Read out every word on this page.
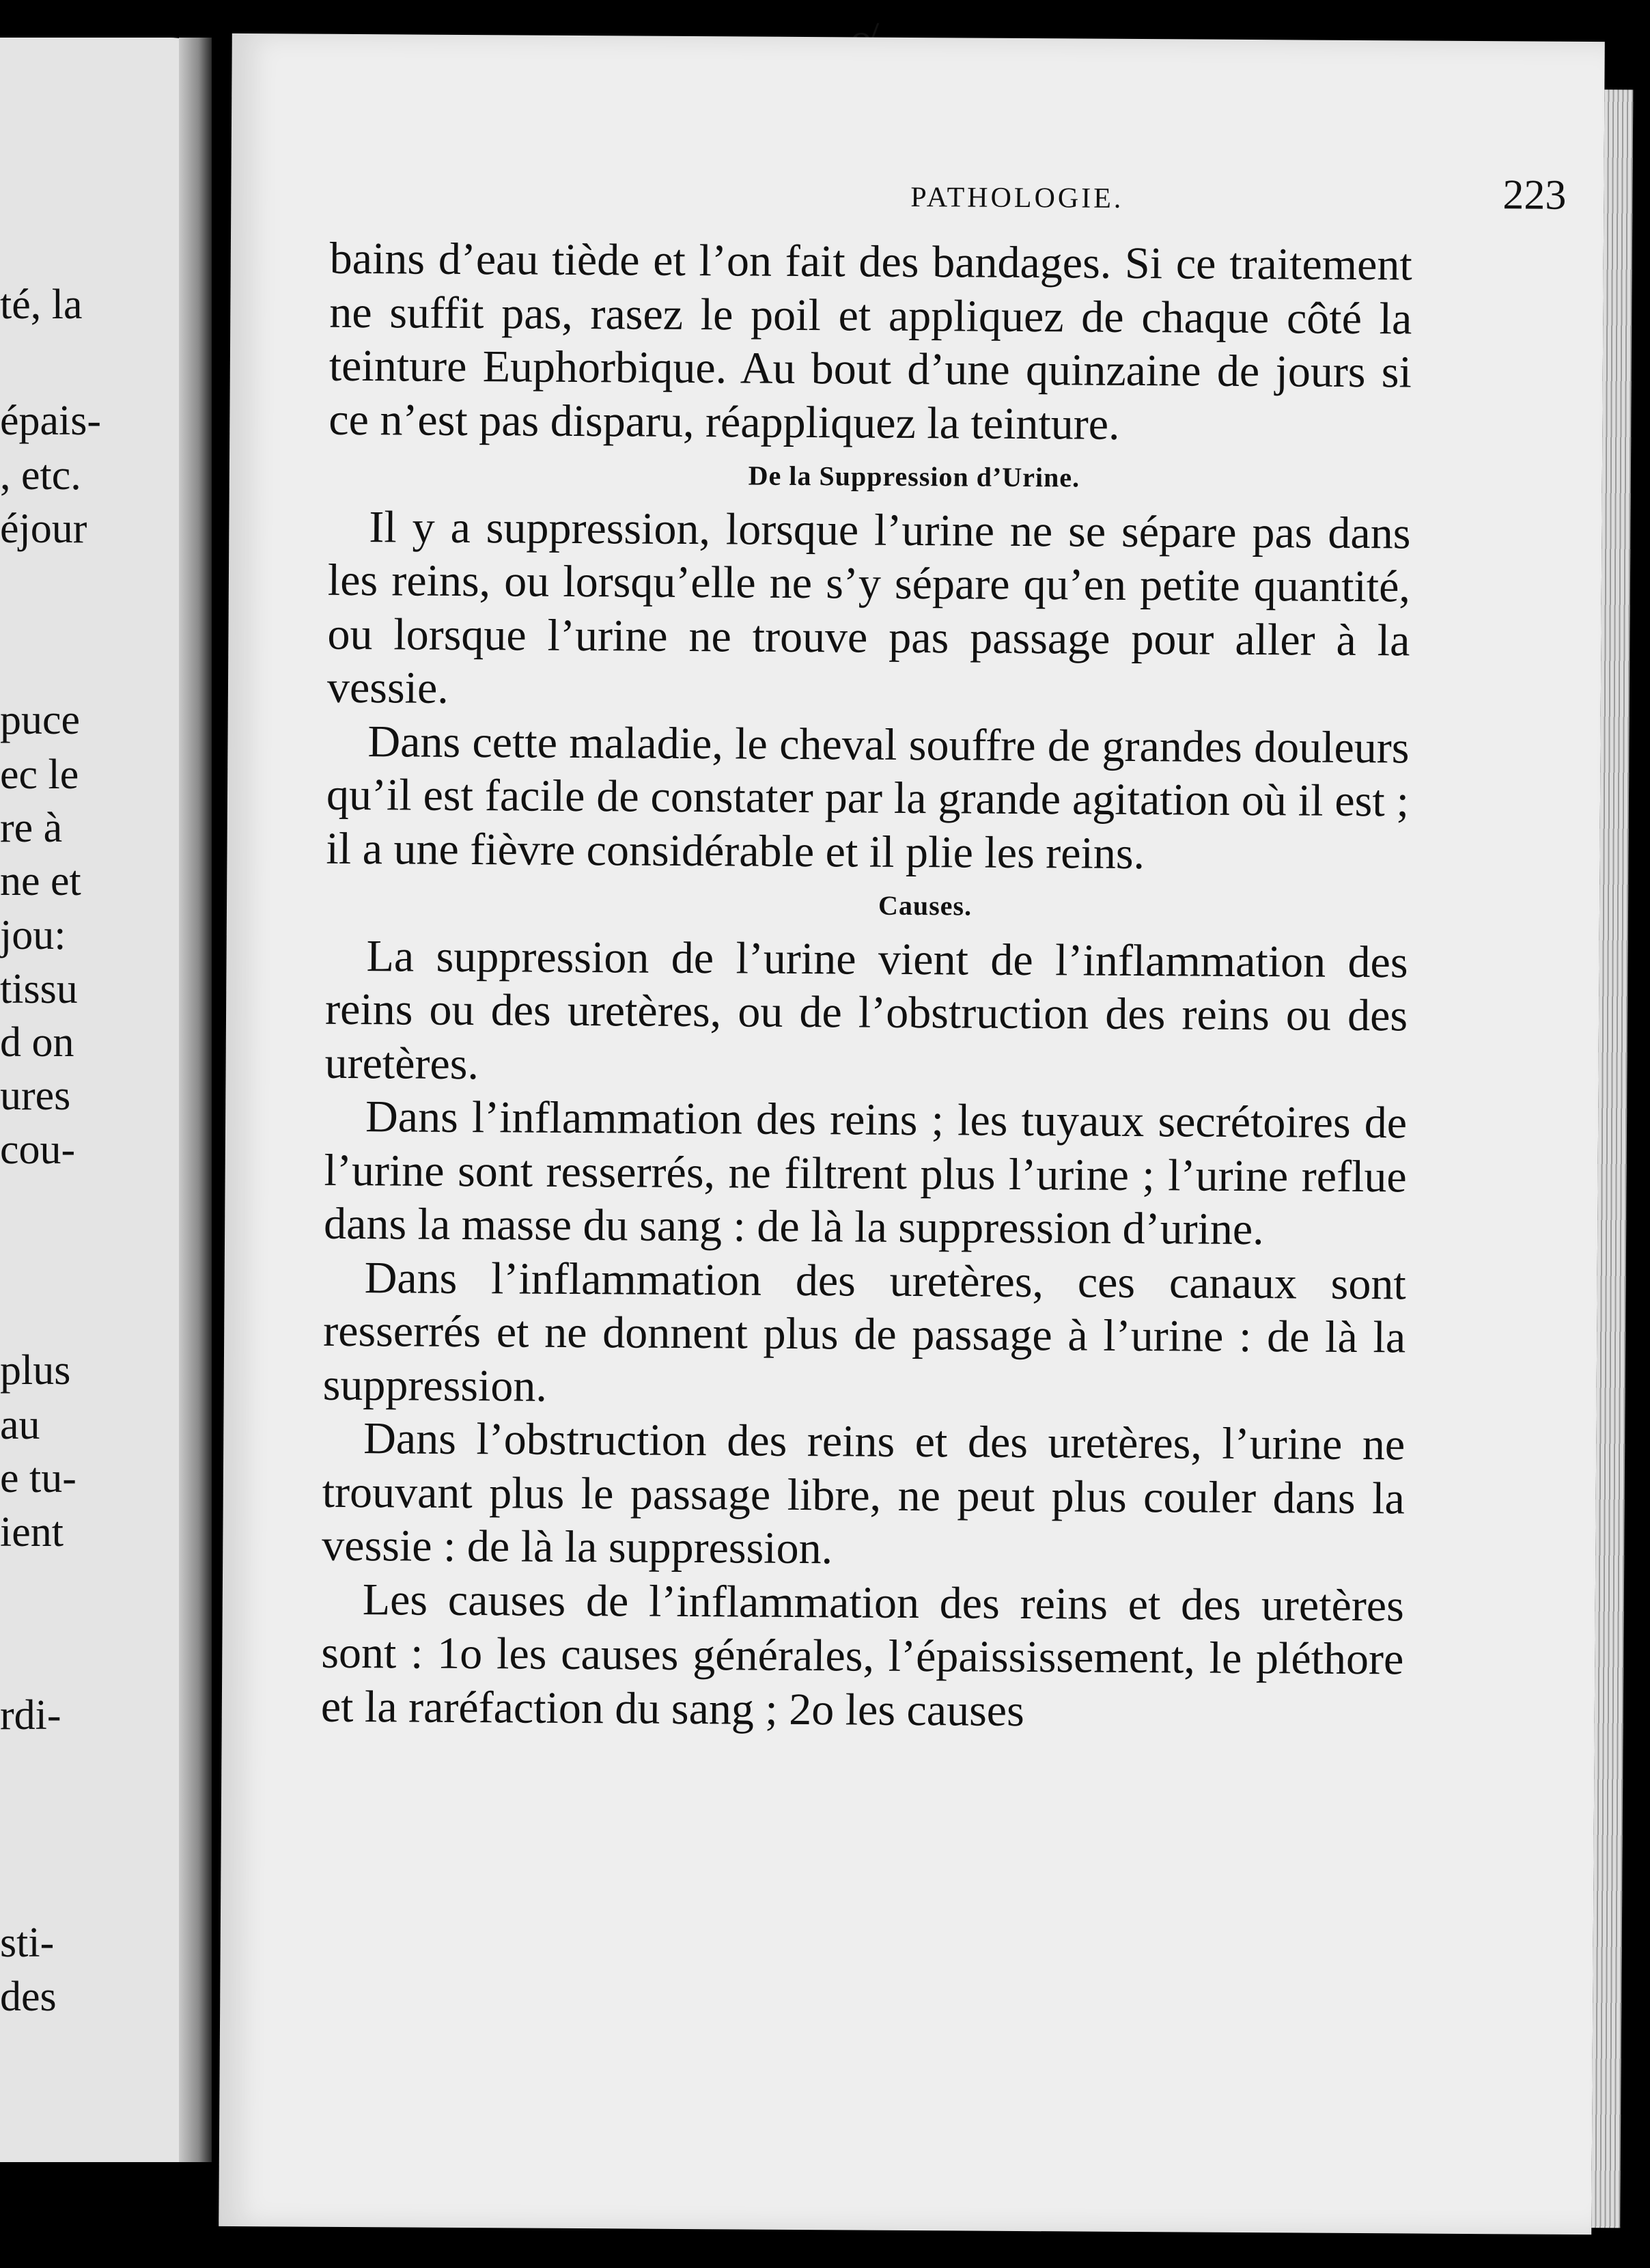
té, la
épais-
, etc.
éjour
puce
ec le
re à
ne et
jou:
tissu
d on
ures
cou-
plus
au
e tu-
ient
rdi-
sti-
des
PATHOLOGIE.	223

bains d’eau tiède et l’on fait des bandages. Si ce traitement ne suffit pas, rasez le poil et appliquez de chaque côté la teinture Euphorbique. Au bout d’une quinzaine de jours si ce n’est pas disparu, réappliquez la teinture.

De la Suppression d’Urine.

Il y a suppression, lorsque l’urine ne se sépare pas dans les reins, ou lorsqu’elle ne s’y sépare qu’en petite quantité, ou lorsque l’urine ne trouve pas passage pour aller à la vessie.

Dans cette maladie, le cheval souffre de grandes douleurs qu’il est facile de constater par la grande agitation où il est ; il a une fièvre considérable et il plie les reins.

Causes.

La suppression de l’urine vient de l’inflammation des reins ou des uretères, ou de l’obstruction des reins ou des uretères.

Dans l’inflammation des reins ; les tuyaux secrétoires de l’urine sont resserrés, ne filtrent plus l’urine ; l’urine reflue dans la masse du sang : de là la suppression d’urine.

Dans l’inflammation des uretères, ces canaux sont resserrés et ne donnent plus de passage à l’urine : de là la suppression.

Dans l’obstruction des reins et des uretères, l’urine ne trouvant plus le passage libre, ne peut plus couler dans la vessie : de là la suppression.

Les causes de l’inflammation des reins et des uretères sont : 1o les causes générales, l’épaississement, le pléthore et la raréfaction du sang ; 2o les causes
